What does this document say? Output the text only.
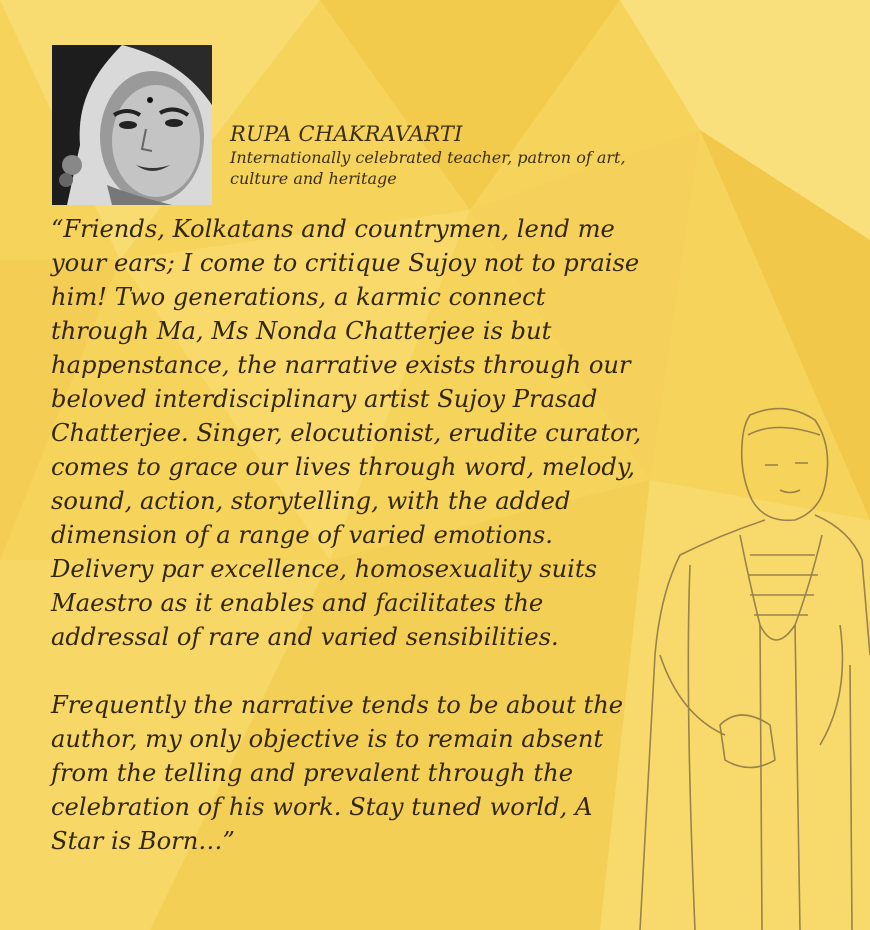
RUPA CHAKRAVARTI
Internationally celebrated teacher, patron of art, culture and heritage

“Friends, Kolkatans and countrymen, lend me your ears; I come to critique Sujoy not to praise him! Two generations, a karmic connect through Ma, Ms Nonda Chatterjee is but happenstance, the narrative exists through our beloved interdisciplinary artist Sujoy Prasad Chatterjee. Singer, elocutionist, erudite curator, comes to grace our lives through word, melody, sound, action, storytelling, with the added dimension of a range of varied emotions. Delivery par excellence, homosexuality suits Maestro as it enables and facilitates the addressal of rare and varied sensibilities.

Frequently the narrative tends to be about the author, my only objective is to remain absent from the telling and prevalent through the celebration of his work. Stay tuned world, A Star is Born…”
